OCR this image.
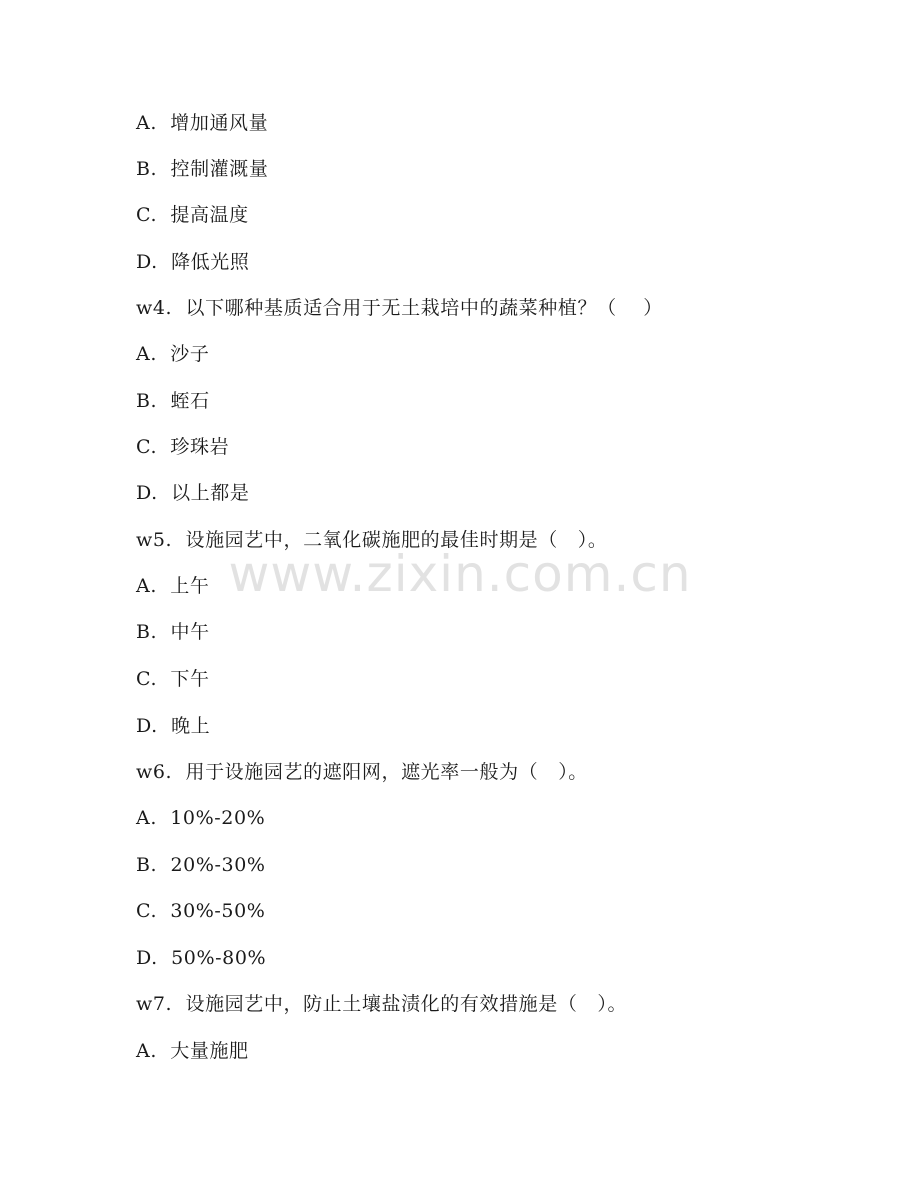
A.  增加通风量
B.  控制灌溉量
C.  提高温度
D.  降低光照
w4.  以下哪种基质适合用于无土栽培中的蔬菜种植？（    ）
A.  沙子
B.  蛭石
C.  珍珠岩
D.  以上都是
w5.  设施园艺中，二氧化碳施肥的最佳时期是（   ）。
A.  上午
B.  中午
C.  下午
D.  晚上
w6.  用于设施园艺的遮阳网，遮光率一般为（   ）。
A.  10%-20%
B.  20%-30%
C.  30%-50%
D.  50%-80%
w7.  设施园艺中，防止土壤盐渍化的有效措施是（   ）。
A.  大量施肥
www.zixin.com.cn
